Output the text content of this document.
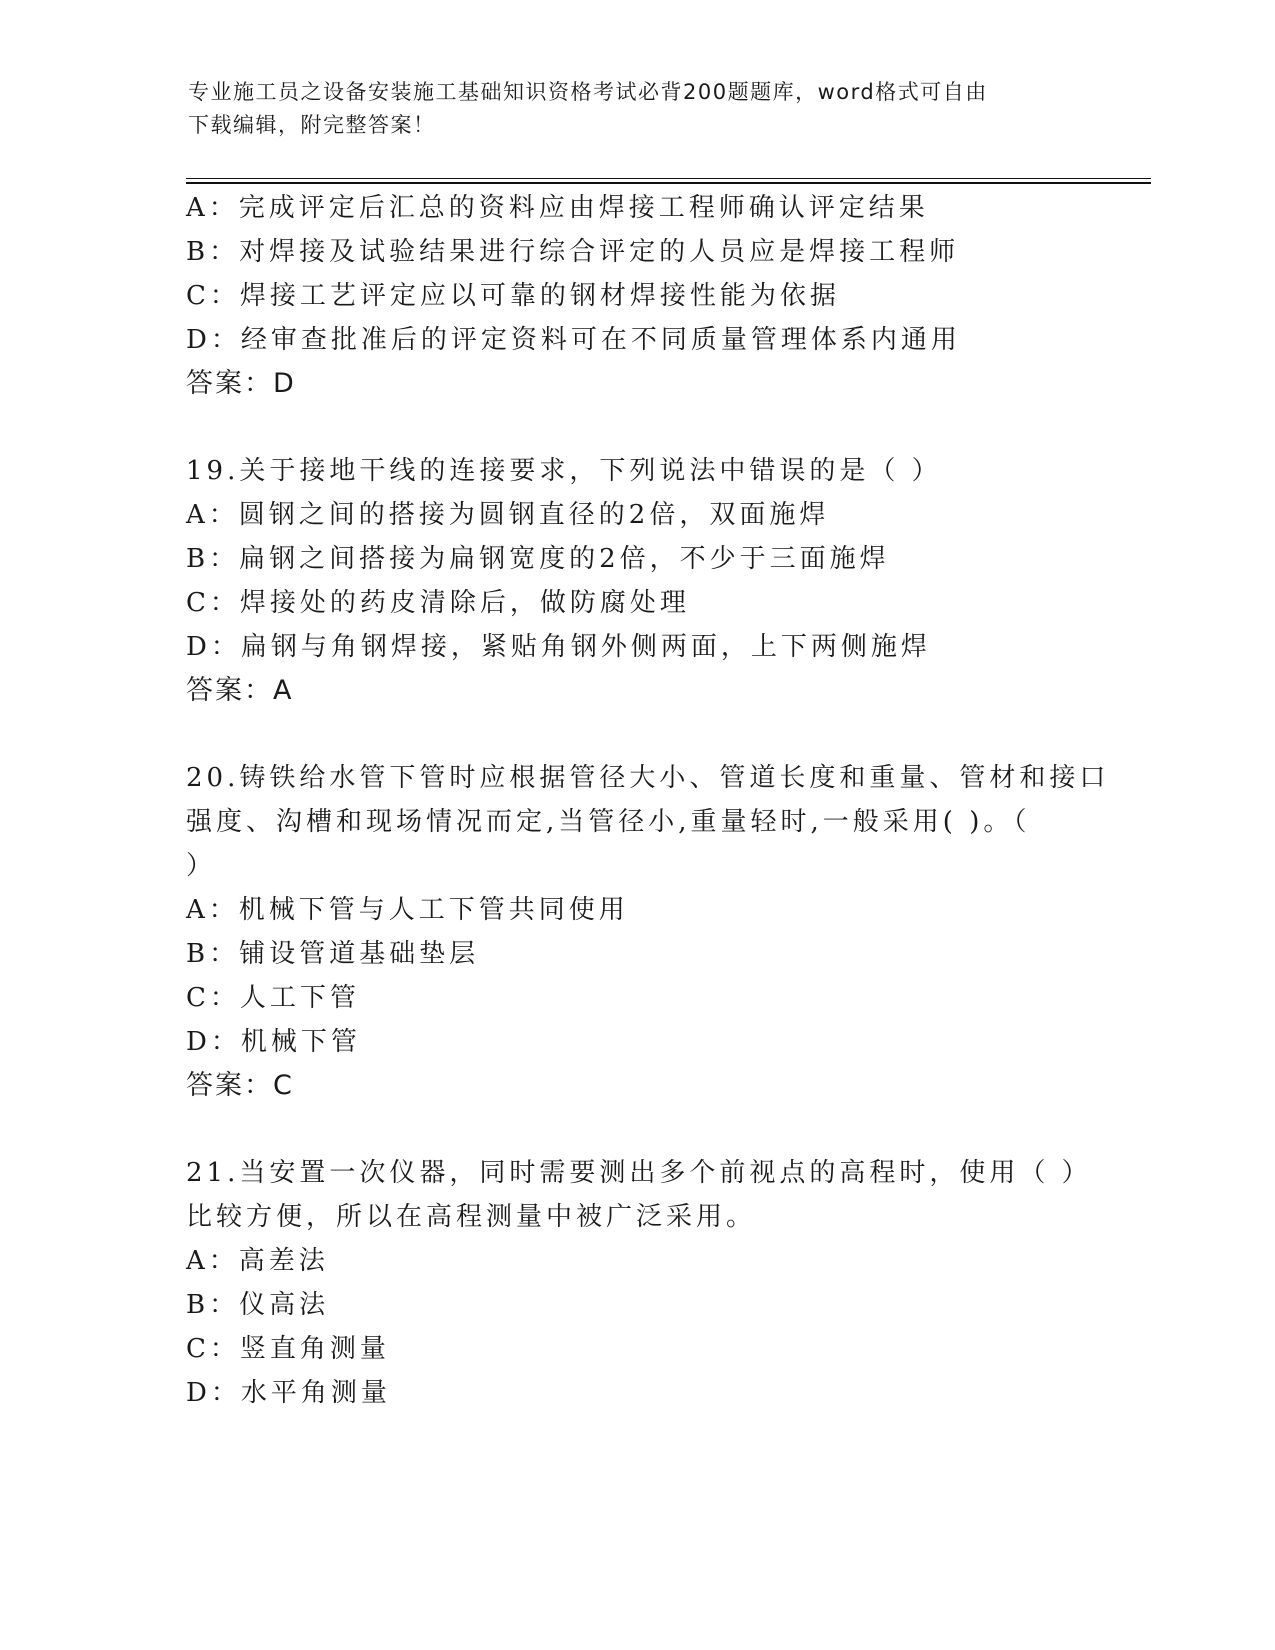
专业施工员之设备安装施工基础知识资格考试必背200题题库，word格式可自由
下载编辑，附完整答案！
A：完成评定后汇总的资料应由焊接工程师确认评定结果
B：对焊接及试验结果进行综合评定的人员应是焊接工程师
C：焊接工艺评定应以可靠的钢材焊接性能为依据
D：经审查批准后的评定资料可在不同质量管理体系内通用
答案：D
19.关于接地干线的连接要求，下列说法中错误的是（ ）
A：圆钢之间的搭接为圆钢直径的2倍，双面施焊
B：扁钢之间搭接为扁钢宽度的2倍，不少于三面施焊
C：焊接处的药皮清除后，做防腐处理
D：扁钢与角钢焊接，紧贴角钢外侧两面，上下两侧施焊
答案：A
20.铸铁给水管下管时应根据管径大小、管道长度和重量、管材和接口
强度、沟槽和现场情况而定,当管径小,重量轻时,一般采用( )。（
）
A：机械下管与人工下管共同使用
B：铺设管道基础垫层
C：人工下管
D：机械下管
答案：C
21.当安置一次仪器，同时需要测出多个前视点的高程时，使用（ ）
比较方便，所以在高程测量中被广泛采用。
A：高差法
B：仪高法
C：竖直角测量
D：水平角测量
